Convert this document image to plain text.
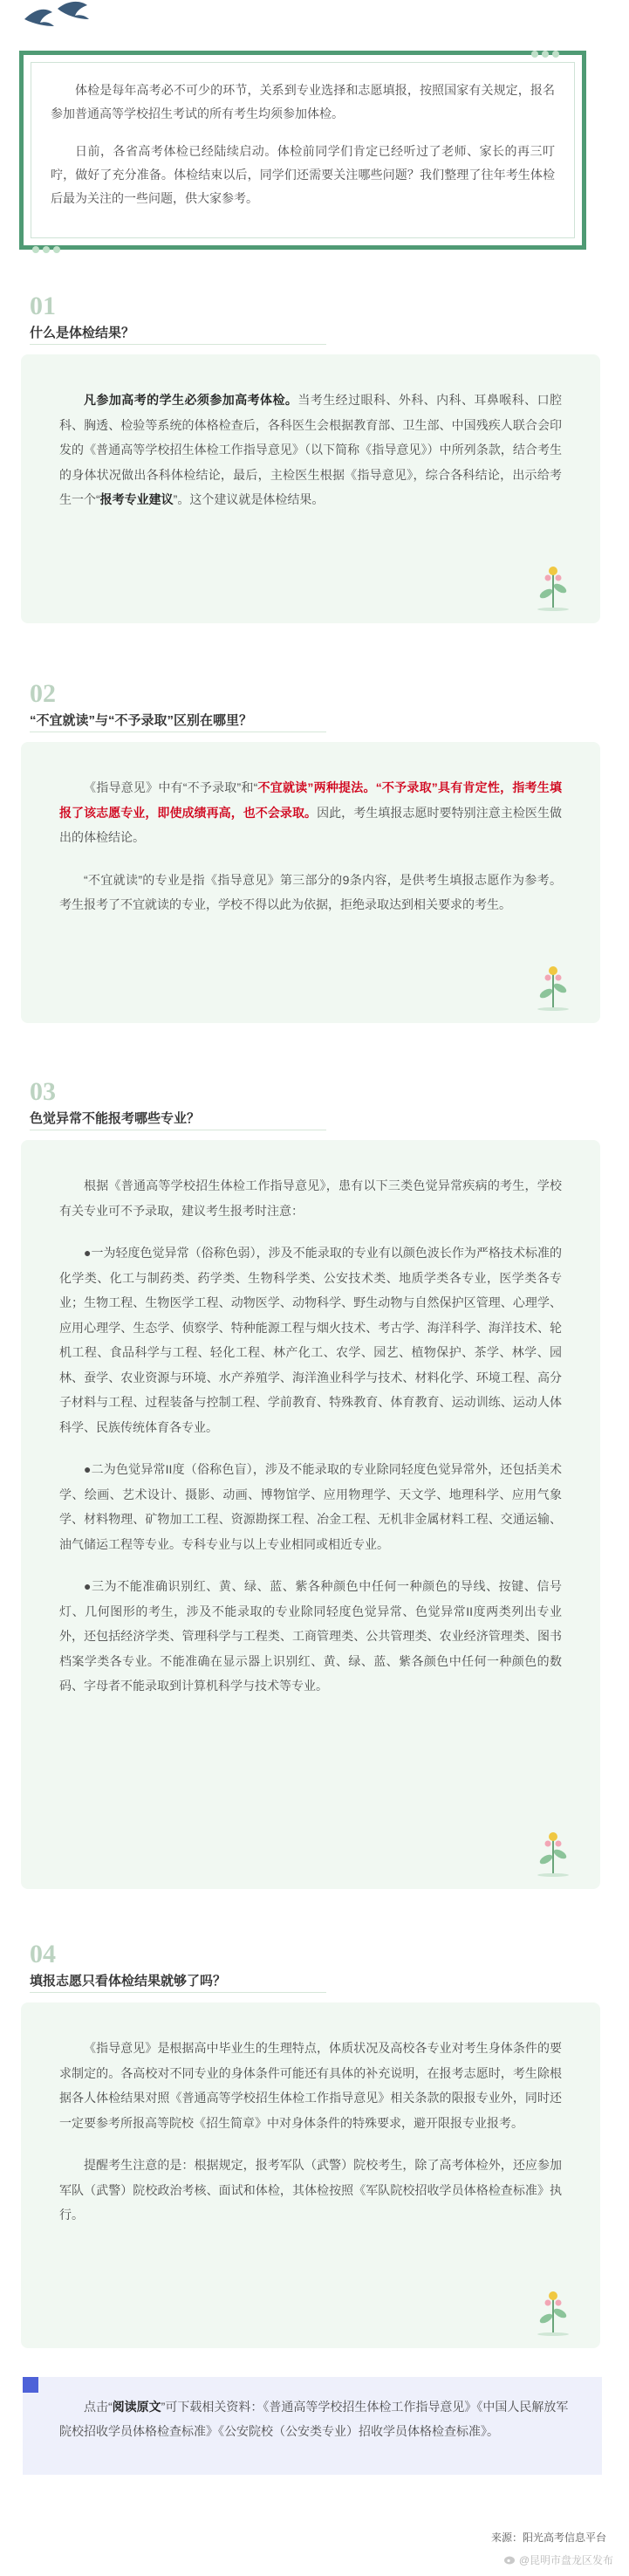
体检是每年高考必不可少的环节，关系到专业选择和志愿填报，按照国家有关规定，报名参加普通高等学校招生考试的所有考生均须参加体检。

日前，各省高考体检已经陆续启动。体检前同学们肯定已经听过了老师、家长的再三叮咛，做好了充分准备。体检结束以后，同学们还需要关注哪些问题？我们整理了往年考生体检后最为关注的一些问题，供大家参考。

01
什么是体检结果？

凡参加高考的学生必须参加高考体检。当考生经过眼科、外科、内科、耳鼻喉科、口腔科、胸透、检验等系统的体格检查后，各科医生会根据教育部、卫生部、中国残疾人联合会印发的《普通高等学校招生体检工作指导意见》（以下简称《指导意见》）中所列条款，结合考生的身体状况做出各科体检结论，最后，主检医生根据《指导意见》，综合各科结论，出示给考生一个“报考专业建议”。这个建议就是体检结果。

02
“不宜就读”与“不予录取”区别在哪里？

《指导意见》中有“不予录取”和“不宜就读”两种提法。“不予录取”具有肯定性，指考生填报了该志愿专业，即使成绩再高，也不会录取。因此，考生填报志愿时要特别注意主检医生做出的体检结论。

“不宜就读”的专业是指《指导意见》第三部分的9条内容，是供考生填报志愿作为参考。考生报考了不宜就读的专业，学校不得以此为依据，拒绝录取达到相关要求的考生。

03
色觉异常不能报考哪些专业？

根据《普通高等学校招生体检工作指导意见》，患有以下三类色觉异常疾病的考生，学校有关专业可不予录取，建议考生报考时注意：

●一为轻度色觉异常（俗称色弱），涉及不能录取的专业有以颜色波长作为严格技术标准的化学类、化工与制药类、药学类、生物科学类、公安技术类、地质学类各专业，医学类各专业；生物工程、生物医学工程、动物医学、动物科学、野生动物与自然保护区管理、心理学、应用心理学、生态学、侦察学、特种能源工程与烟火技术、考古学、海洋科学、海洋技术、轮机工程、食品科学与工程、轻化工程、林产化工、农学、园艺、植物保护、茶学、林学、园林、蚕学、农业资源与环境、水产养殖学、海洋渔业科学与技术、材料化学、环境工程、高分子材料与工程、过程装备与控制工程、学前教育、特殊教育、体育教育、运动训练、运动人体科学、民族传统体育各专业。

●二为色觉异常II度（俗称色盲），涉及不能录取的专业除同轻度色觉异常外，还包括美术学、绘画、艺术设计、摄影、动画、博物馆学、应用物理学、天文学、地理科学、应用气象学、材料物理、矿物加工工程、资源勘探工程、冶金工程、无机非金属材料工程、交通运输、油气储运工程等专业。专科专业与以上专业相同或相近专业。

●三为不能准确识别红、黄、绿、蓝、紫各种颜色中任何一种颜色的导线、按键、信号灯、几何图形的考生，涉及不能录取的专业除同轻度色觉异常、色觉异常II度两类列出专业外，还包括经济学类、管理科学与工程类、工商管理类、公共管理类、农业经济管理类、图书档案学类各专业。不能准确在显示器上识别红、黄、绿、蓝、紫各颜色中任何一种颜色的数码、字母者不能录取到计算机科学与技术等专业。

04
填报志愿只看体检结果就够了吗？

《指导意见》是根据高中毕业生的生理特点，体质状况及高校各专业对考生身体条件的要求制定的。各高校对不同专业的身体条件可能还有具体的补充说明，在报考志愿时，考生除根据各人体检结果对照《普通高等学校招生体检工作指导意见》相关条款的限报专业外，同时还一定要参考所报高等院校《招生简章》中对身体条件的特殊要求，避开限报专业报考。

提醒考生注意的是：根据规定，报考军队（武警）院校考生，除了高考体检外，还应参加军队（武警）院校政治考核、面试和体检，其体检按照《军队院校招收学员体格检查标准》执行。

点击“阅读原文”可下载相关资料：《普通高等学校招生体检工作指导意见》《中国人民解放军院校招收学员体格检查标准》《公安院校（公安类专业）招收学员体格检查标准》。

来源：阳光高考信息平台
@昆明市盘龙区发布
